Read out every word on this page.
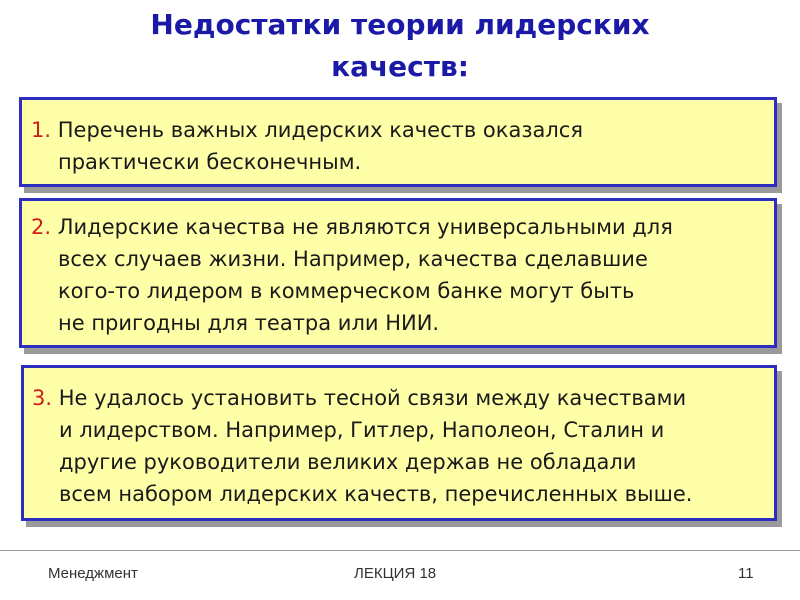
Недостатки теории лидерских
качеств:
1. Перечень важных лидерских качеств оказался
практически бесконечным.
2. Лидерские качества не являются универсальными для
всех случаев жизни. Например, качества сделавшие
кого-то лидером в коммерческом банке могут быть
не пригодны для театра или НИИ.
3. Не удалось установить тесной связи между качествами
и лидерством. Например, Гитлер, Наполеон, Сталин и
другие руководители великих держав не обладали
всем набором лидерских качеств, перечисленных выше.
Менеджмент	ЛЕКЦИЯ 18	11
